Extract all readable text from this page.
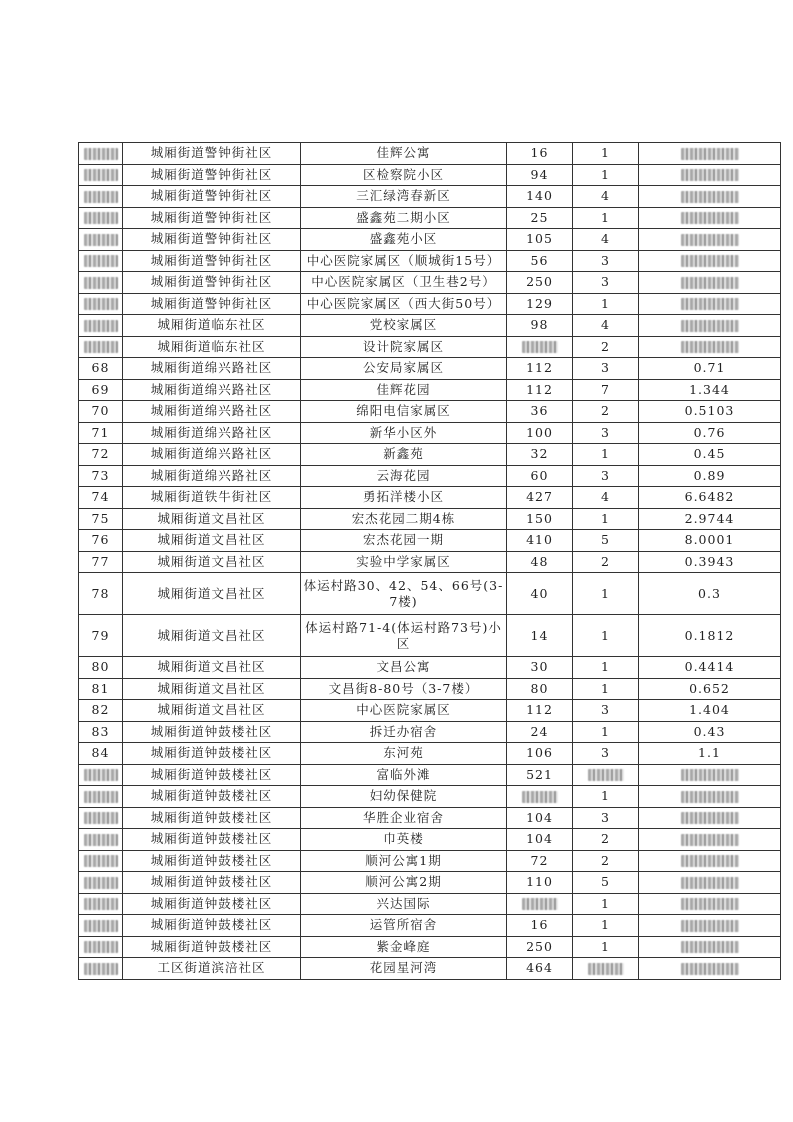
	城厢街道警钟街社区	佳辉公寓	16	1	
	城厢街道警钟街社区	区检察院小区	94	1	
	城厢街道警钟街社区	三汇绿湾春新区	140	4	
	城厢街道警钟街社区	盛鑫苑二期小区	25	1	
	城厢街道警钟街社区	盛鑫苑小区	105	4	
	城厢街道警钟街社区	中心医院家属区（顺城街15号）	56	3	
	城厢街道警钟街社区	中心医院家属区（卫生巷2号）	250	3	
	城厢街道警钟街社区	中心医院家属区（西大街50号）	129	1	
	城厢街道临东社区	党校家属区	98	4	
	城厢街道临东社区	设计院家属区		2	
68	城厢街道绵兴路社区	公安局家属区	112	3	0.71
69	城厢街道绵兴路社区	佳辉花园	112	7	1.344
70	城厢街道绵兴路社区	绵阳电信家属区	36	2	0.5103
71	城厢街道绵兴路社区	新华小区外	100	3	0.76
72	城厢街道绵兴路社区	新鑫苑	32	1	0.45
73	城厢街道绵兴路社区	云海花园	60	3	0.89
74	城厢街道铁牛街社区	勇拓洋楼小区	427	4	6.6482
75	城厢街道文昌社区	宏杰花园二期4栋	150	1	2.9744
76	城厢街道文昌社区	宏杰花园一期	410	5	8.0001
77	城厢街道文昌社区	实验中学家属区	48	2	0.3943
78	城厢街道文昌社区	体运村路30、42、54、66号(3-7楼)	40	1	0.3
79	城厢街道文昌社区	体运村路71-4(体运村路73号)小区	14	1	0.1812
80	城厢街道文昌社区	文昌公寓	30	1	0.4414
81	城厢街道文昌社区	文昌街8-80号（3-7楼）	80	1	0.652
82	城厢街道文昌社区	中心医院家属区	112	3	1.404
83	城厢街道钟鼓楼社区	拆迁办宿舍	24	1	0.43
84	城厢街道钟鼓楼社区	东河苑	106	3	1.1
	城厢街道钟鼓楼社区	富临外滩	521		
	城厢街道钟鼓楼社区	妇幼保健院		1	
	城厢街道钟鼓楼社区	华胜企业宿舍	104	3	
	城厢街道钟鼓楼社区	巾英楼	104	2	
	城厢街道钟鼓楼社区	顺河公寓1期	72	2	
	城厢街道钟鼓楼社区	顺河公寓2期	110	5	
	城厢街道钟鼓楼社区	兴达国际		1	
	城厢街道钟鼓楼社区	运管所宿舍	16	1	
	城厢街道钟鼓楼社区	紫金峰庭	250	1	
	工区街道滨涪社区	花园星河湾	464		
